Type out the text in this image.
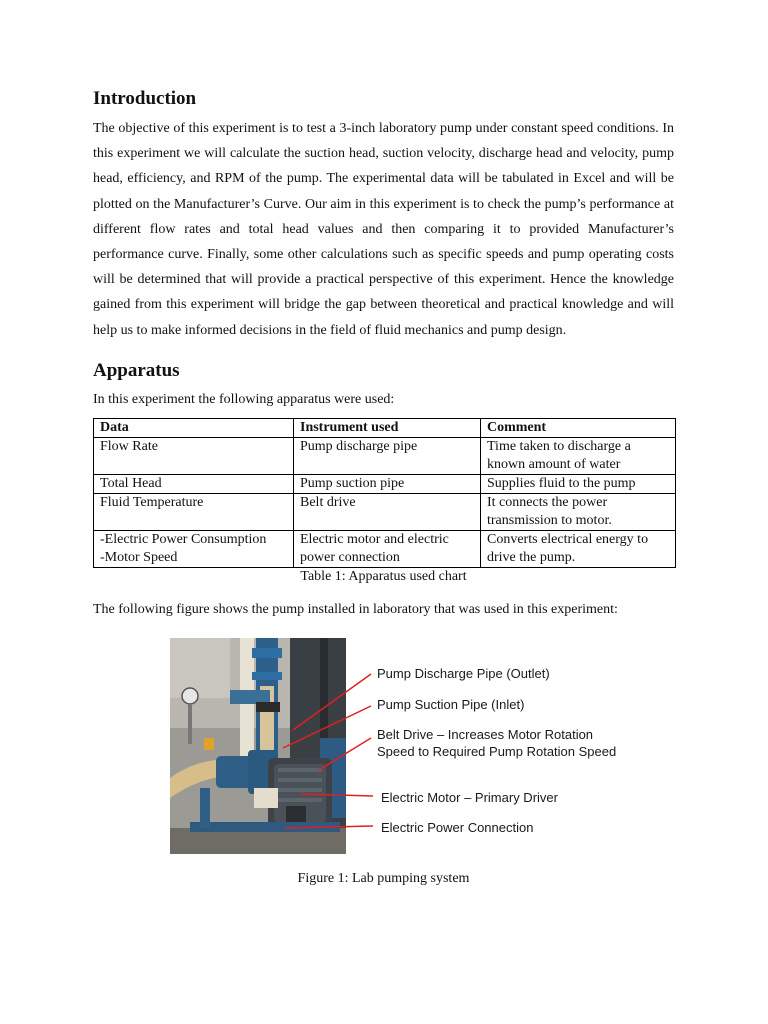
Introduction

The objective of this experiment is to test a 3-inch laboratory pump under constant speed conditions. In this experiment we will calculate the suction head, suction velocity, discharge head and velocity, pump head, efficiency, and RPM of the pump. The experimental data will be tabulated in Excel and will be plotted on the Manufacturer’s Curve. Our aim in this experiment is to check the pump’s performance at different flow rates and total head values and then comparing it to provided Manufacturer’s performance curve. Finally, some other calculations such as specific speeds and pump operating costs will be determined that will provide a practical perspective of this experiment. Hence the knowledge gained from this experiment will bridge the gap between theoretical and practical knowledge and will help us to make informed decisions in the field of fluid mechanics and pump design.

Apparatus

In this experiment the following apparatus were used:

Data	Instrument used	Comment
Flow Rate	Pump discharge pipe	Time taken to discharge a known amount of water
Total Head	Pump suction pipe	Supplies fluid to the pump
Fluid Temperature	Belt drive	It connects the power transmission to motor.
-Electric Power Consumption
-Motor Speed	Electric motor and electric power connection	Converts electrical energy to drive the pump.

Table 1: Apparatus used chart

The following figure shows the pump installed in laboratory that was used in this experiment:

Pump Discharge Pipe (Outlet)
Pump Suction Pipe (Inlet)
Belt Drive – Increases Motor Rotation Speed to Required Pump Rotation Speed
Electric Motor – Primary Driver
Electric Power Connection

Figure 1: Lab pumping system
